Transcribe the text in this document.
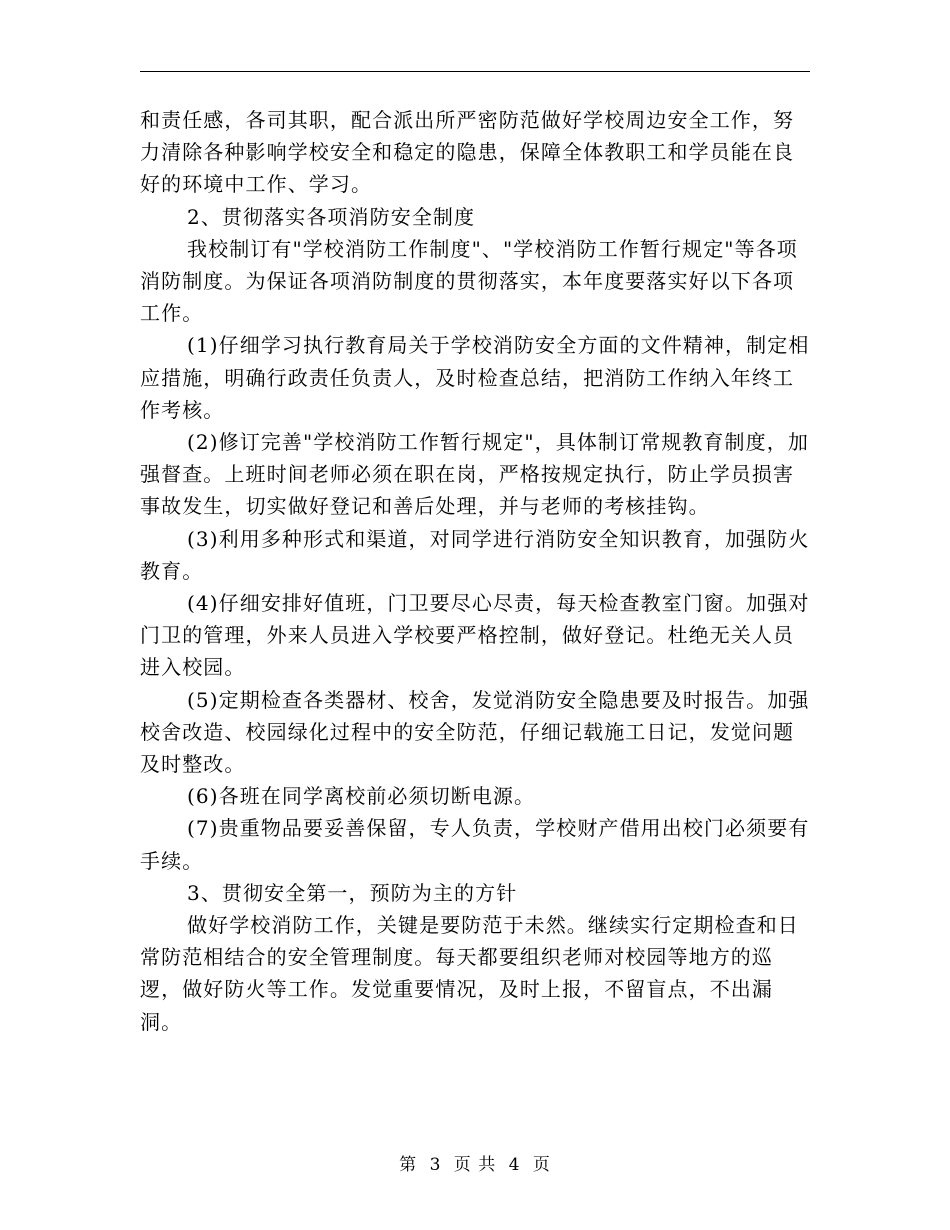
和责任感，各司其职，配合派出所严密防范做好学校周边安全工作，努力清除各种影响学校安全和稳定的隐患，保障全体教职工和学员能在良好的环境中工作、学习。

2、贯彻落实各项消防安全制度

我校制订有"学校消防工作制度"、"学校消防工作暂行规定"等各项消防制度。为保证各项消防制度的贯彻落实，本年度要落实好以下各项工作。

(1)仔细学习执行教育局关于学校消防安全方面的文件精神，制定相应措施，明确行政责任负责人，及时检查总结，把消防工作纳入年终工作考核。

(2)修订完善"学校消防工作暂行规定"，具体制订常规教育制度，加强督查。上班时间老师必须在职在岗，严格按规定执行，防止学员损害事故发生，切实做好登记和善后处理，并与老师的考核挂钩。

(3)利用多种形式和渠道，对同学进行消防安全知识教育，加强防火教育。

(4)仔细安排好值班，门卫要尽心尽责，每天检查教室门窗。加强对门卫的管理，外来人员进入学校要严格控制，做好登记。杜绝无关人员进入校园。

(5)定期检查各类器材、校舍，发觉消防安全隐患要及时报告。加强校舍改造、校园绿化过程中的安全防范，仔细记载施工日记，发觉问题及时整改。

(6)各班在同学离校前必须切断电源。

(7)贵重物品要妥善保留，专人负责，学校财产借用出校门必须要有手续。

3、贯彻安全第一，预防为主的方针

做好学校消防工作，关键是要防范于未然。继续实行定期检查和日常防范相结合的安全管理制度。每天都要组织老师对校园等地方的巡逻，做好防火等工作。发觉重要情况，及时上报，不留盲点，不出漏洞。

第 3 页 共 4 页
